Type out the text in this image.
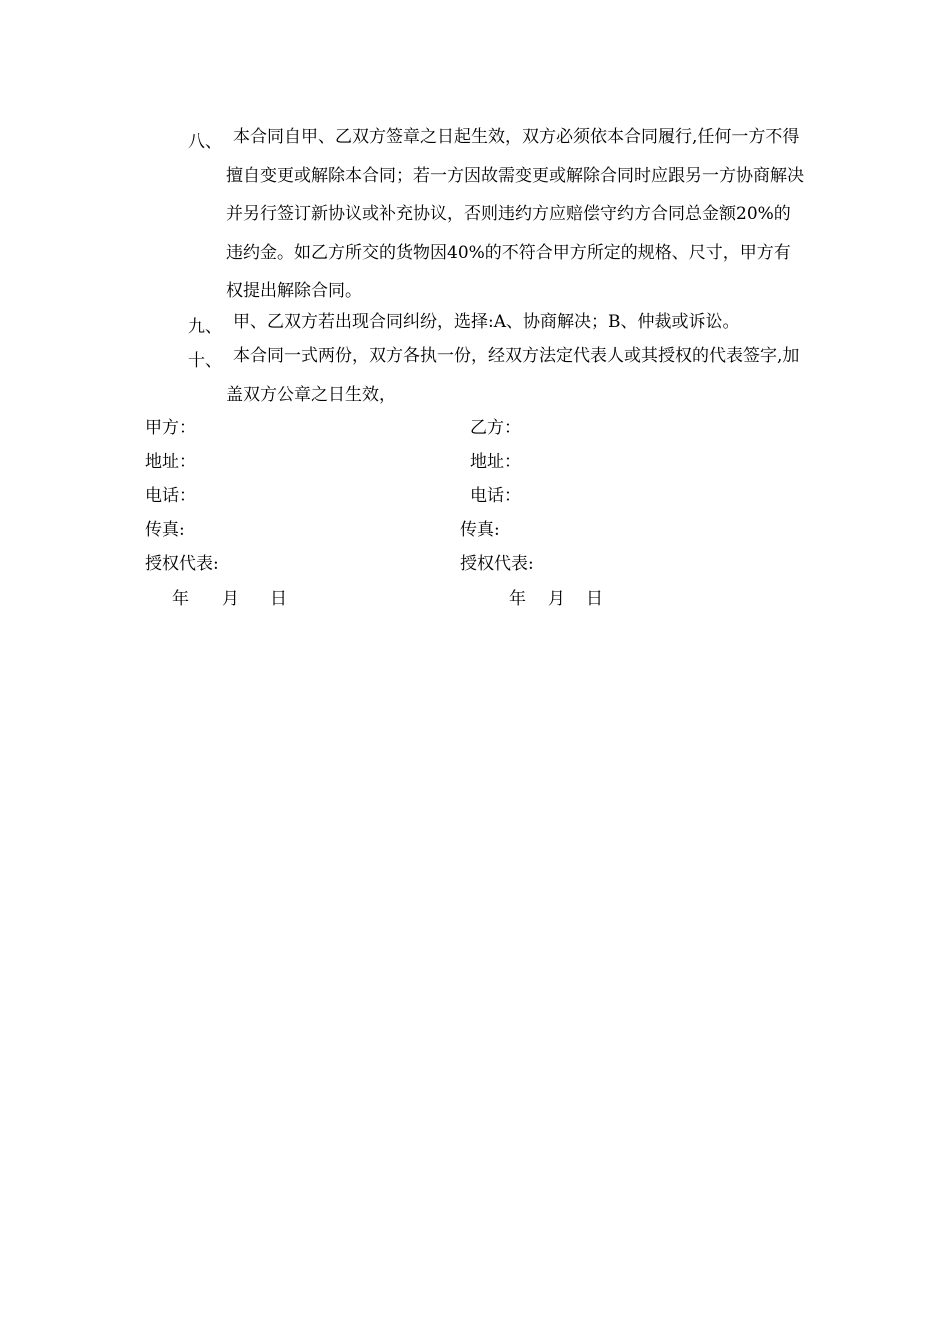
八、 本合同自甲、乙双方签章之日起生效，双方必须依本合同履行,任何一方不得擅自变更或解除本合同；若一方因故需变更或解除合同时应跟另一方协商解决并另行签订新协议或补充协议，否则违约方应赔偿守约方合同总金额20%的违约金。如乙方所交的货物因40%的不符合甲方所定的规格、尺寸，甲方有权提出解除合同。
九、 甲、乙双方若出现合同纠纷，选择:A、协商解决；B、仲裁或诉讼。
十、 本合同一式两份，双方各执一份，经双方法定代表人或其授权的代表签字,加盖双方公章之日生效，
甲方：
地址：
电话：
传真:
授权代表:
年 月 日
乙方：
地址：
电话：
传真:
授权代表:
年 月 日
